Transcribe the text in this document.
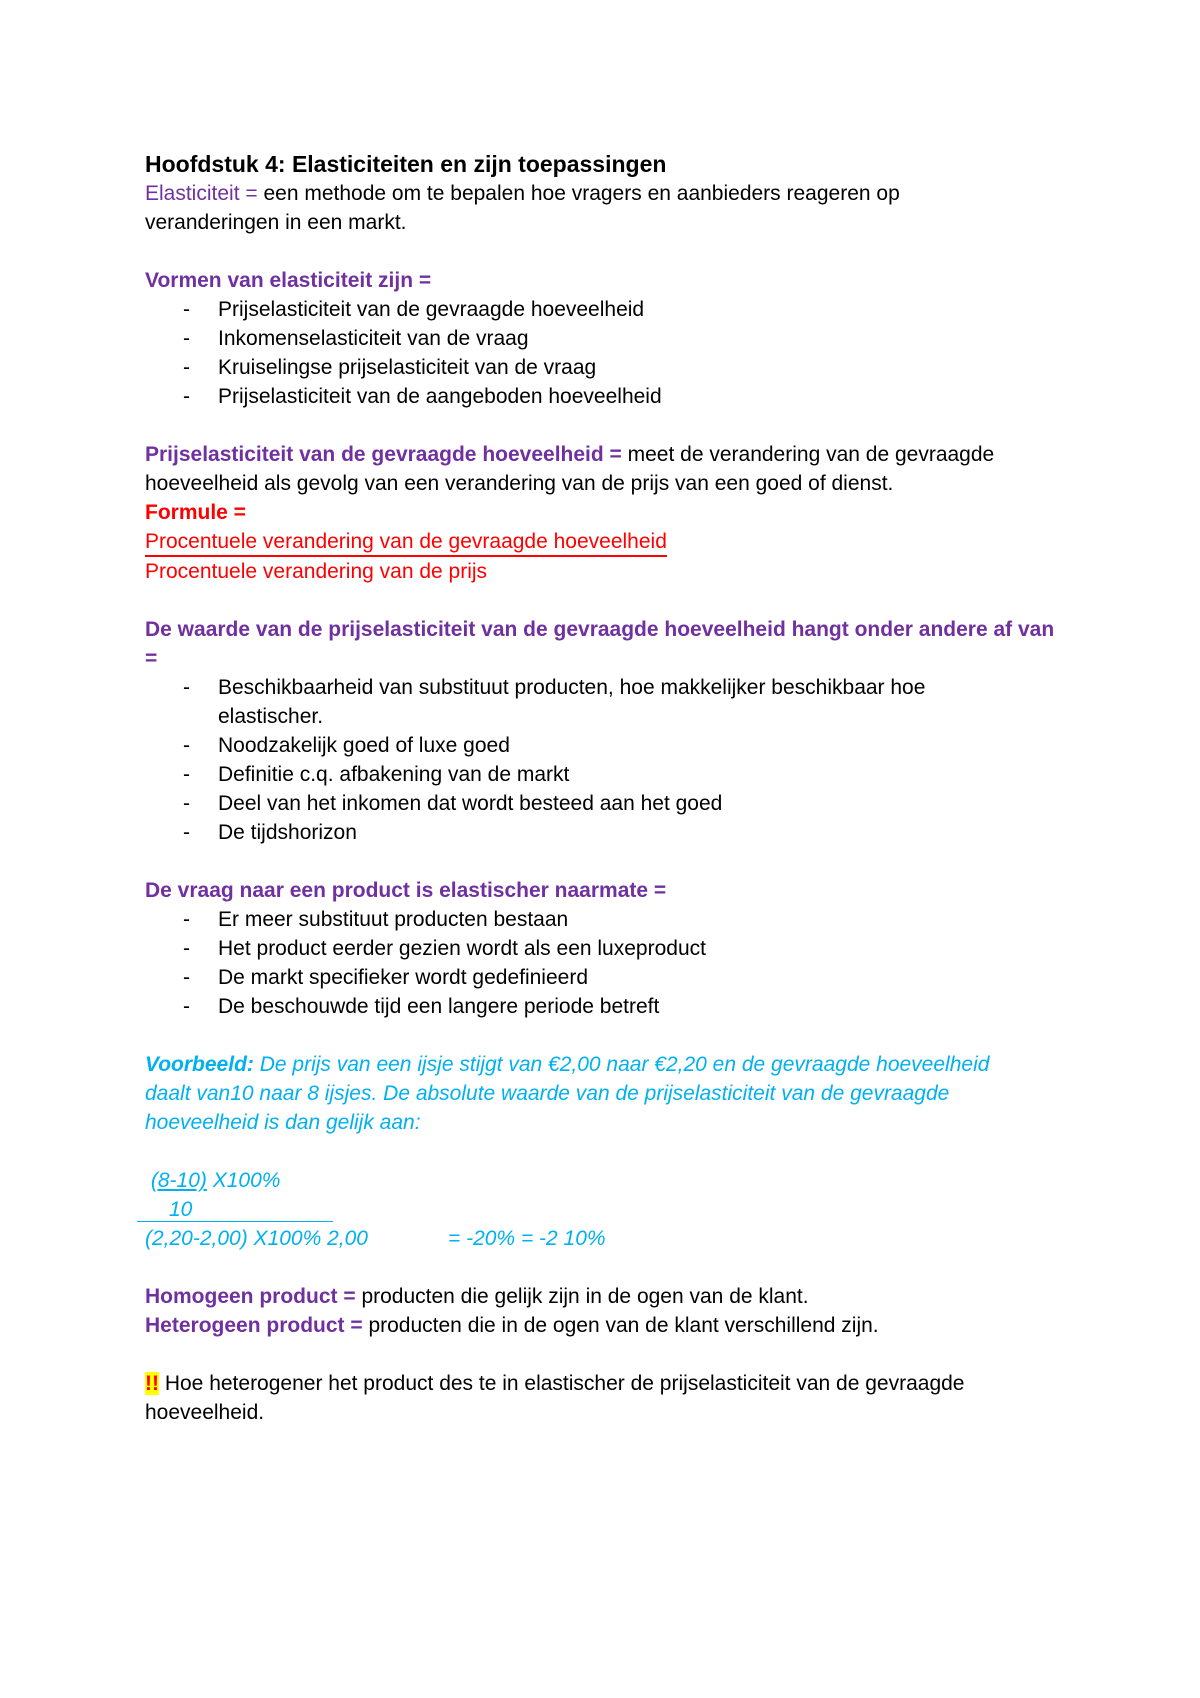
Hoofdstuk 4: Elasticiteiten en zijn toepassingen

Elasticiteit = een methode om te bepalen hoe vragers en aanbieders reageren op

veranderingen in een markt.

Vormen van elasticiteit zijn =

- Prijselasticiteit van de gevraagde hoeveelheid
- Inkomenselasticiteit van de vraag
- Kruiselingse prijselasticiteit van de vraag
- Prijselasticiteit van de aangeboden hoeveelheid

Prijselasticiteit van de gevraagde hoeveelheid = meet de verandering van de gevraagde

hoeveelheid als gevolg van een verandering van de prijs van een goed of dienst.

Formule =

Procentuele verandering van de gevraagde hoeveelheid

Procentuele verandering van de prijs

De waarde van de prijselasticiteit van de gevraagde hoeveelheid hangt onder andere af van

=

- Beschikbaarheid van substituut producten, hoe makkelijker beschikbaar hoe
elastischer.
- Noodzakelijk goed of luxe goed
- Definitie c.q. afbakening van de markt
- Deel van het inkomen dat wordt besteed aan het goed
- De tijdshorizon

De vraag naar een product is elastischer naarmate =

- Er meer substituut producten bestaan
- Het product eerder gezien wordt als een luxeproduct
- De markt specifieker wordt gedefinieerd
- De beschouwde tijd een langere periode betreft

Voorbeeld: De prijs van een ijsje stijgt van €2,00 naar €2,20 en de gevraagde hoeveelheid

daalt van10 naar 8 ijsjes. De absolute waarde van de prijselasticiteit van de gevraagde

hoeveelheid is dan gelijk aan:

(8-10) X100%

10

(2,20-2,00) X100% 2,00	= -20% = -2 10%

Homogeen product = producten die gelijk zijn in de ogen van de klant.

Heterogeen product = producten die in de ogen van de klant verschillend zijn.

!! Hoe heterogener het product des te in elastischer de prijselasticiteit van de gevraagde

hoeveelheid.
